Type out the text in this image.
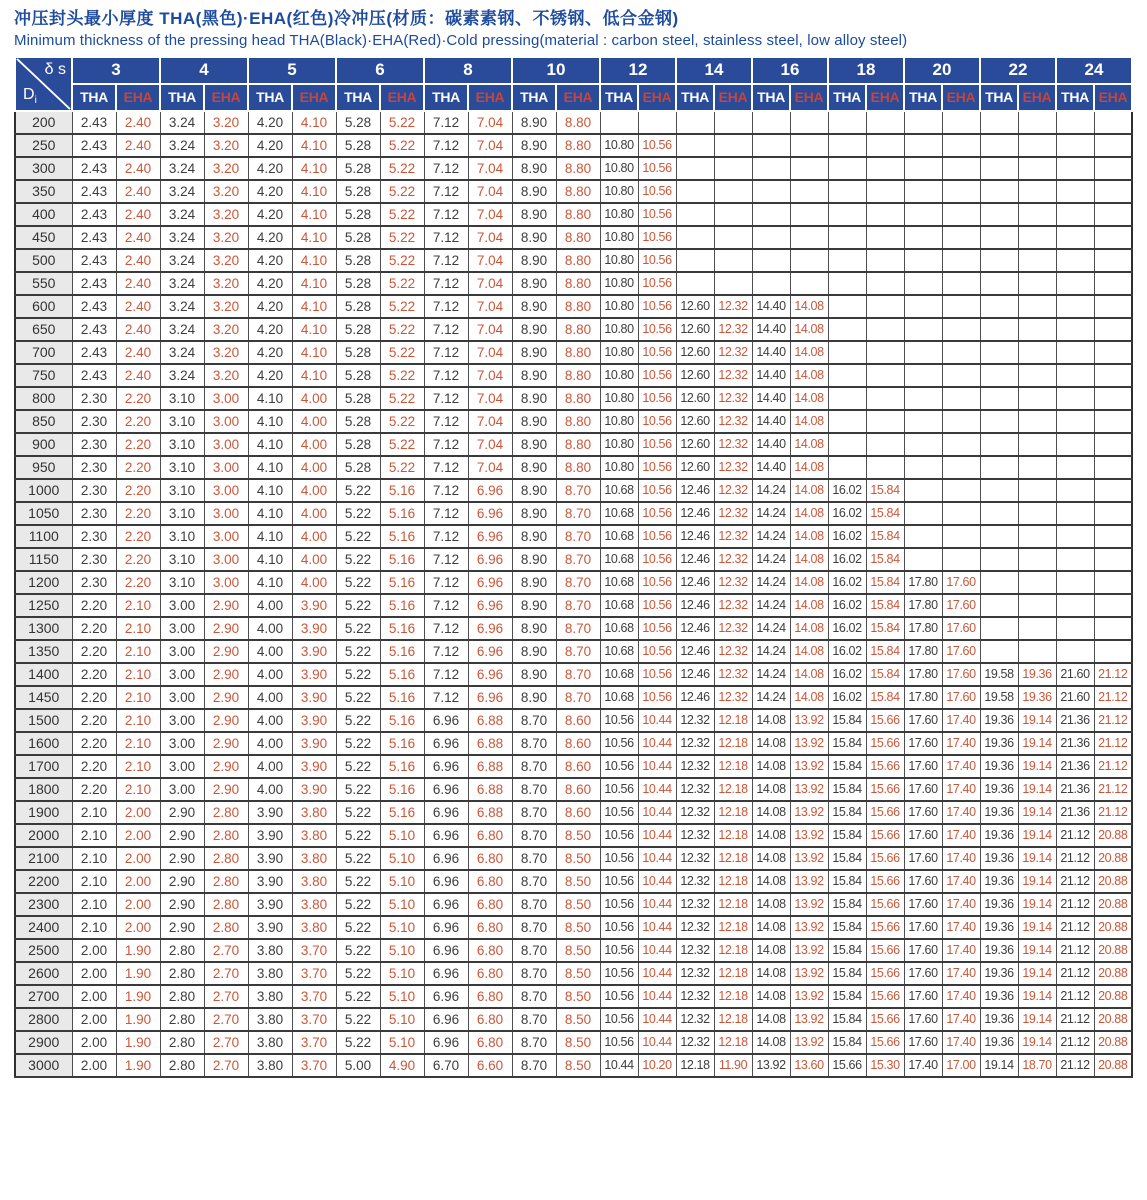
冲压封头最小厚度 THA(黑色)·EHA(红色)冷冲压(材质：碳素素钢、不锈钢、低合金钢)
Minimum thickness of the pressing head THA(Black)·EHA(Red)·Cold pressing(material : carbon steel, stainless steel, low alloy steel)
δ s
$D_i$	3		4		5		6		8		10		12		14		16		18		20		22		24	
	THA	EHA	THA	EHA	THA	EHA	THA	EHA	THA	EHA	THA	EHA	THA	EHA	THA	EHA	THA	EHA	THA	EHA	THA	EHA	THA	EHA	THA	EHA
200	2.43	2.40	3.24	3.20	4.20	4.10	5.28	5.22	7.12	7.04	8.90	8.80														
250	2.43	2.40	3.24	3.20	4.20	4.10	5.28	5.22	7.12	7.04	8.90	8.80	10.80	10.56												
300	2.43	2.40	3.24	3.20	4.20	4.10	5.28	5.22	7.12	7.04	8.90	8.80	10.80	10.56												
350	2.43	2.40	3.24	3.20	4.20	4.10	5.28	5.22	7.12	7.04	8.90	8.80	10.80	10.56												
400	2.43	2.40	3.24	3.20	4.20	4.10	5.28	5.22	7.12	7.04	8.90	8.80	10.80	10.56												
450	2.43	2.40	3.24	3.20	4.20	4.10	5.28	5.22	7.12	7.04	8.90	8.80	10.80	10.56												
500	2.43	2.40	3.24	3.20	4.20	4.10	5.28	5.22	7.12	7.04	8.90	8.80	10.80	10.56												
550	2.43	2.40	3.24	3.20	4.20	4.10	5.28	5.22	7.12	7.04	8.90	8.80	10.80	10.56												
600	2.43	2.40	3.24	3.20	4.20	4.10	5.28	5.22	7.12	7.04	8.90	8.80	10.80	10.56	12.60	12.32	14.40	14.08								
650	2.43	2.40	3.24	3.20	4.20	4.10	5.28	5.22	7.12	7.04	8.90	8.80	10.80	10.56	12.60	12.32	14.40	14.08								
700	2.43	2.40	3.24	3.20	4.20	4.10	5.28	5.22	7.12	7.04	8.90	8.80	10.80	10.56	12.60	12.32	14.40	14.08								
750	2.43	2.40	3.24	3.20	4.20	4.10	5.28	5.22	7.12	7.04	8.90	8.80	10.80	10.56	12.60	12.32	14.40	14.08								
800	2.30	2.20	3.10	3.00	4.10	4.00	5.28	5.22	7.12	7.04	8.90	8.80	10.80	10.56	12.60	12.32	14.40	14.08								
850	2.30	2.20	3.10	3.00	4.10	4.00	5.28	5.22	7.12	7.04	8.90	8.80	10.80	10.56	12.60	12.32	14.40	14.08								
900	2.30	2.20	3.10	3.00	4.10	4.00	5.28	5.22	7.12	7.04	8.90	8.80	10.80	10.56	12.60	12.32	14.40	14.08								
950	2.30	2.20	3.10	3.00	4.10	4.00	5.28	5.22	7.12	7.04	8.90	8.80	10.80	10.56	12.60	12.32	14.40	14.08								
1000	2.30	2.20	3.10	3.00	4.10	4.00	5.22	5.16	7.12	6.96	8.90	8.70	10.68	10.56	12.46	12.32	14.24	14.08	16.02	15.84						
1050	2.30	2.20	3.10	3.00	4.10	4.00	5.22	5.16	7.12	6.96	8.90	8.70	10.68	10.56	12.46	12.32	14.24	14.08	16.02	15.84						
1100	2.30	2.20	3.10	3.00	4.10	4.00	5.22	5.16	7.12	6.96	8.90	8.70	10.68	10.56	12.46	12.32	14.24	14.08	16.02	15.84						
1150	2.30	2.20	3.10	3.00	4.10	4.00	5.22	5.16	7.12	6.96	8.90	8.70	10.68	10.56	12.46	12.32	14.24	14.08	16.02	15.84						
1200	2.30	2.20	3.10	3.00	4.10	4.00	5.22	5.16	7.12	6.96	8.90	8.70	10.68	10.56	12.46	12.32	14.24	14.08	16.02	15.84	17.80	17.60				
1250	2.20	2.10	3.00	2.90	4.00	3.90	5.22	5.16	7.12	6.96	8.90	8.70	10.68	10.56	12.46	12.32	14.24	14.08	16.02	15.84	17.80	17.60				
1300	2.20	2.10	3.00	2.90	4.00	3.90	5.22	5.16	7.12	6.96	8.90	8.70	10.68	10.56	12.46	12.32	14.24	14.08	16.02	15.84	17.80	17.60				
1350	2.20	2.10	3.00	2.90	4.00	3.90	5.22	5.16	7.12	6.96	8.90	8.70	10.68	10.56	12.46	12.32	14.24	14.08	16.02	15.84	17.80	17.60				
1400	2.20	2.10	3.00	2.90	4.00	3.90	5.22	5.16	7.12	6.96	8.90	8.70	10.68	10.56	12.46	12.32	14.24	14.08	16.02	15.84	17.80	17.60	19.58	19.36	21.60	21.12
1450	2.20	2.10	3.00	2.90	4.00	3.90	5.22	5.16	7.12	6.96	8.90	8.70	10.68	10.56	12.46	12.32	14.24	14.08	16.02	15.84	17.80	17.60	19.58	19.36	21.60	21.12
1500	2.20	2.10	3.00	2.90	4.00	3.90	5.22	5.16	6.96	6.88	8.70	8.60	10.56	10.44	12.32	12.18	14.08	13.92	15.84	15.66	17.60	17.40	19.36	19.14	21.36	21.12
1600	2.20	2.10	3.00	2.90	4.00	3.90	5.22	5.16	6.96	6.88	8.70	8.60	10.56	10.44	12.32	12.18	14.08	13.92	15.84	15.66	17.60	17.40	19.36	19.14	21.36	21.12
1700	2.20	2.10	3.00	2.90	4.00	3.90	5.22	5.16	6.96	6.88	8.70	8.60	10.56	10.44	12.32	12.18	14.08	13.92	15.84	15.66	17.60	17.40	19.36	19.14	21.36	21.12
1800	2.20	2.10	3.00	2.90	4.00	3.90	5.22	5.16	6.96	6.88	8.70	8.60	10.56	10.44	12.32	12.18	14.08	13.92	15.84	15.66	17.60	17.40	19.36	19.14	21.36	21.12
1900	2.10	2.00	2.90	2.80	3.90	3.80	5.22	5.16	6.96	6.88	8.70	8.60	10.56	10.44	12.32	12.18	14.08	13.92	15.84	15.66	17.60	17.40	19.36	19.14	21.36	21.12
2000	2.10	2.00	2.90	2.80	3.90	3.80	5.22	5.10	6.96	6.80	8.70	8.50	10.56	10.44	12.32	12.18	14.08	13.92	15.84	15.66	17.60	17.40	19.36	19.14	21.12	20.88
2100	2.10	2.00	2.90	2.80	3.90	3.80	5.22	5.10	6.96	6.80	8.70	8.50	10.56	10.44	12.32	12.18	14.08	13.92	15.84	15.66	17.60	17.40	19.36	19.14	21.12	20.88
2200	2.10	2.00	2.90	2.80	3.90	3.80	5.22	5.10	6.96	6.80	8.70	8.50	10.56	10.44	12.32	12.18	14.08	13.92	15.84	15.66	17.60	17.40	19.36	19.14	21.12	20.88
2300	2.10	2.00	2.90	2.80	3.90	3.80	5.22	5.10	6.96	6.80	8.70	8.50	10.56	10.44	12.32	12.18	14.08	13.92	15.84	15.66	17.60	17.40	19.36	19.14	21.12	20.88
2400	2.10	2.00	2.90	2.80	3.90	3.80	5.22	5.10	6.96	6.80	8.70	8.50	10.56	10.44	12.32	12.18	14.08	13.92	15.84	15.66	17.60	17.40	19.36	19.14	21.12	20.88
2500	2.00	1.90	2.80	2.70	3.80	3.70	5.22	5.10	6.96	6.80	8.70	8.50	10.56	10.44	12.32	12.18	14.08	13.92	15.84	15.66	17.60	17.40	19.36	19.14	21.12	20.88
2600	2.00	1.90	2.80	2.70	3.80	3.70	5.22	5.10	6.96	6.80	8.70	8.50	10.56	10.44	12.32	12.18	14.08	13.92	15.84	15.66	17.60	17.40	19.36	19.14	21.12	20.88
2700	2.00	1.90	2.80	2.70	3.80	3.70	5.22	5.10	6.96	6.80	8.70	8.50	10.56	10.44	12.32	12.18	14.08	13.92	15.84	15.66	17.60	17.40	19.36	19.14	21.12	20.88
2800	2.00	1.90	2.80	2.70	3.80	3.70	5.22	5.10	6.96	6.80	8.70	8.50	10.56	10.44	12.32	12.18	14.08	13.92	15.84	15.66	17.60	17.40	19.36	19.14	21.12	20.88
2900	2.00	1.90	2.80	2.70	3.80	3.70	5.22	5.10	6.96	6.80	8.70	8.50	10.56	10.44	12.32	12.18	14.08	13.92	15.84	15.66	17.60	17.40	19.36	19.14	21.12	20.88
3000	2.00	1.90	2.80	2.70	3.80	3.70	5.00	4.90	6.70	6.60	8.70	8.50	10.44	10.20	12.18	11.90	13.92	13.60	15.66	15.30	17.40	17.00	19.14	18.70	21.12	20.88
